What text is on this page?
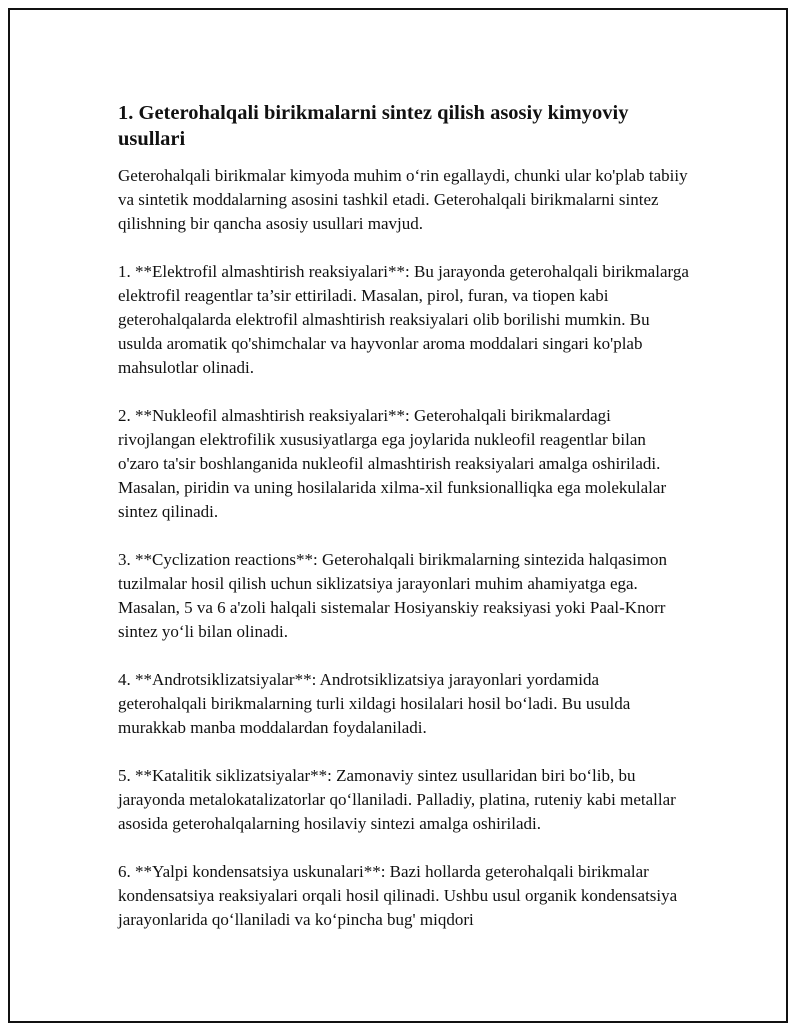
1. Geterohalqali birikmalarni sintez qilish asosiy kimyoviy usullari

Geterohalqali birikmalar kimyoda muhim o‘rin egallaydi, chunki ular ko'plab tabiiy va sintetik moddalarning asosini tashkil etadi. Geterohalqali birikmalarni sintez qilishning bir qancha asosiy usullari mavjud.

1. **Elektrofil almashtirish reaksiyalari**: Bu jarayonda geterohalqali birikmalarga elektrofil reagentlar ta’sir ettiriladi. Masalan, pirol, furan, va tiopen kabi geterohalqalarda elektrofil almashtirish reaksiyalari olib borilishi mumkin. Bu usulda aromatik qo'shimchalar va hayvonlar aroma moddalari singari ko'plab mahsulotlar olinadi.

2. **Nukleofil almashtirish reaksiyalari**: Geterohalqali birikmalardagi rivojlangan elektrofilik xususiyatlarga ega joylarida nukleofil reagentlar bilan o'zaro ta'sir boshlanganida nukleofil almashtirish reaksiyalari amalga oshiriladi. Masalan, piridin va uning hosilalarida xilma-xil funksionalliqka ega molekulalar sintez qilinadi.

3. **Cyclization reactions**: Geterohalqali birikmalarning sintezida halqasimon tuzilmalar hosil qilish uchun siklizatsiya jarayonlari muhim ahamiyatga ega. Masalan, 5 va 6 a'zoli halqali sistemalar Hosiyanskiy reaksiyasi yoki Paal-Knorr sintez yo‘li bilan olinadi.

4. **Androtsiklizatsiyalar**: Androtsiklizatsiya jarayonlari yordamida geterohalqali birikmalarning turli xildagi hosilalari hosil bo‘ladi. Bu usulda murakkab manba moddalardan foydalaniladi.

5. **Katalitik siklizatsiyalar**: Zamonaviy sintez usullaridan biri bo‘lib, bu jarayonda metalokatalizatorlar qo‘llaniladi. Palladiy, platina, ruteniy kabi metallar asosida geterohalqalarning hosilaviy sintezi amalga oshiriladi.

6. **Yalpi kondensatsiya uskunalari**: Bazi hollarda geterohalqali birikmalar kondensatsiya reaksiyalari orqali hosil qilinadi. Ushbu usul organik kondensatsiya jarayonlarida qo‘llaniladi va ko‘pincha bug' miqdori
